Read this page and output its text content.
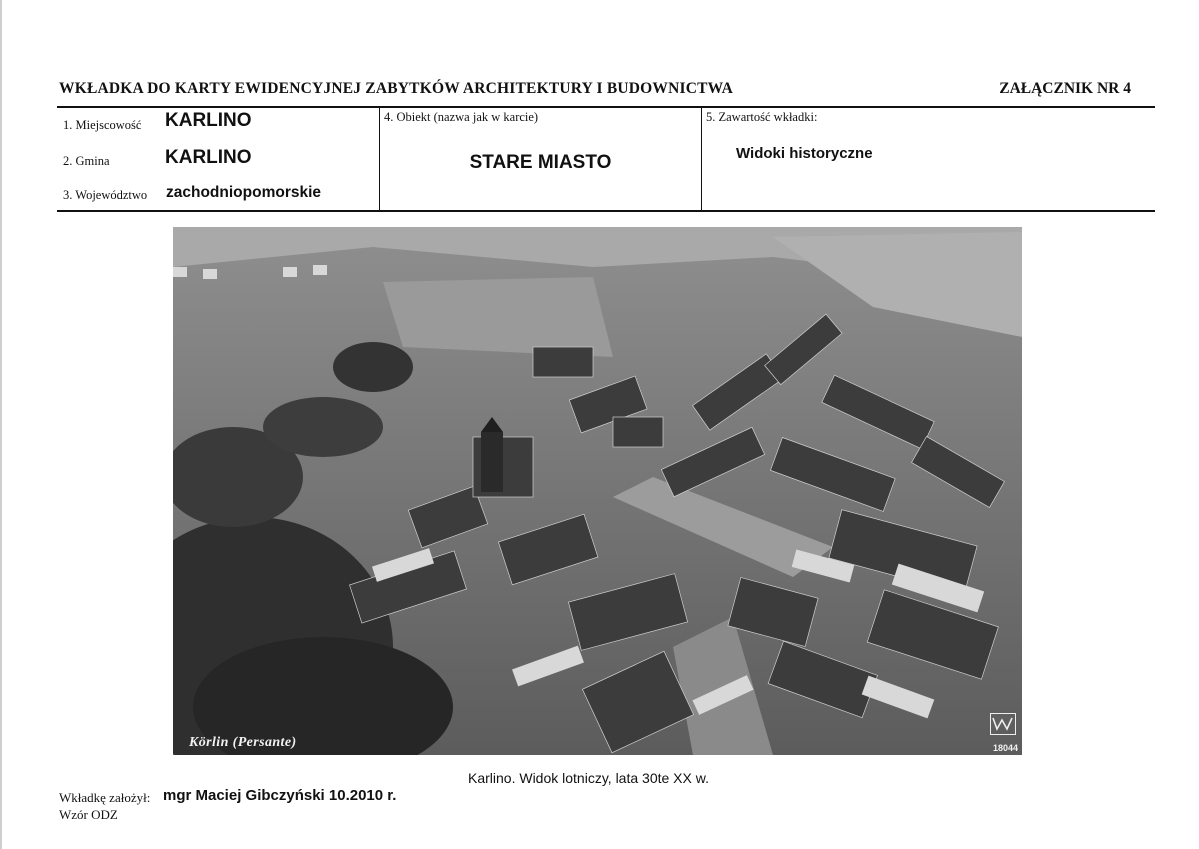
WKŁADKA DO KARTY EWIDENCYJNEJ ZABYTKÓW ARCHITEKTURY I BUDOWNICTWA	ZAŁĄCZNIK NR 4
1. Miejscowość KARLINO
2. Gmina	KARLINO
3. Województwo zachodniopomorskie
4. Obiekt (nazwa jak w karcie)
STARE MIASTO
5. Zawartość wkładki:
Widoki historyczne
Körlin (Persante)	18044
Karlino. Widok lotniczy, lata 30te XX w.
Wkładkę założył: mgr Maciej Gibczyński 10.2010 r.
Wzór ODZ
